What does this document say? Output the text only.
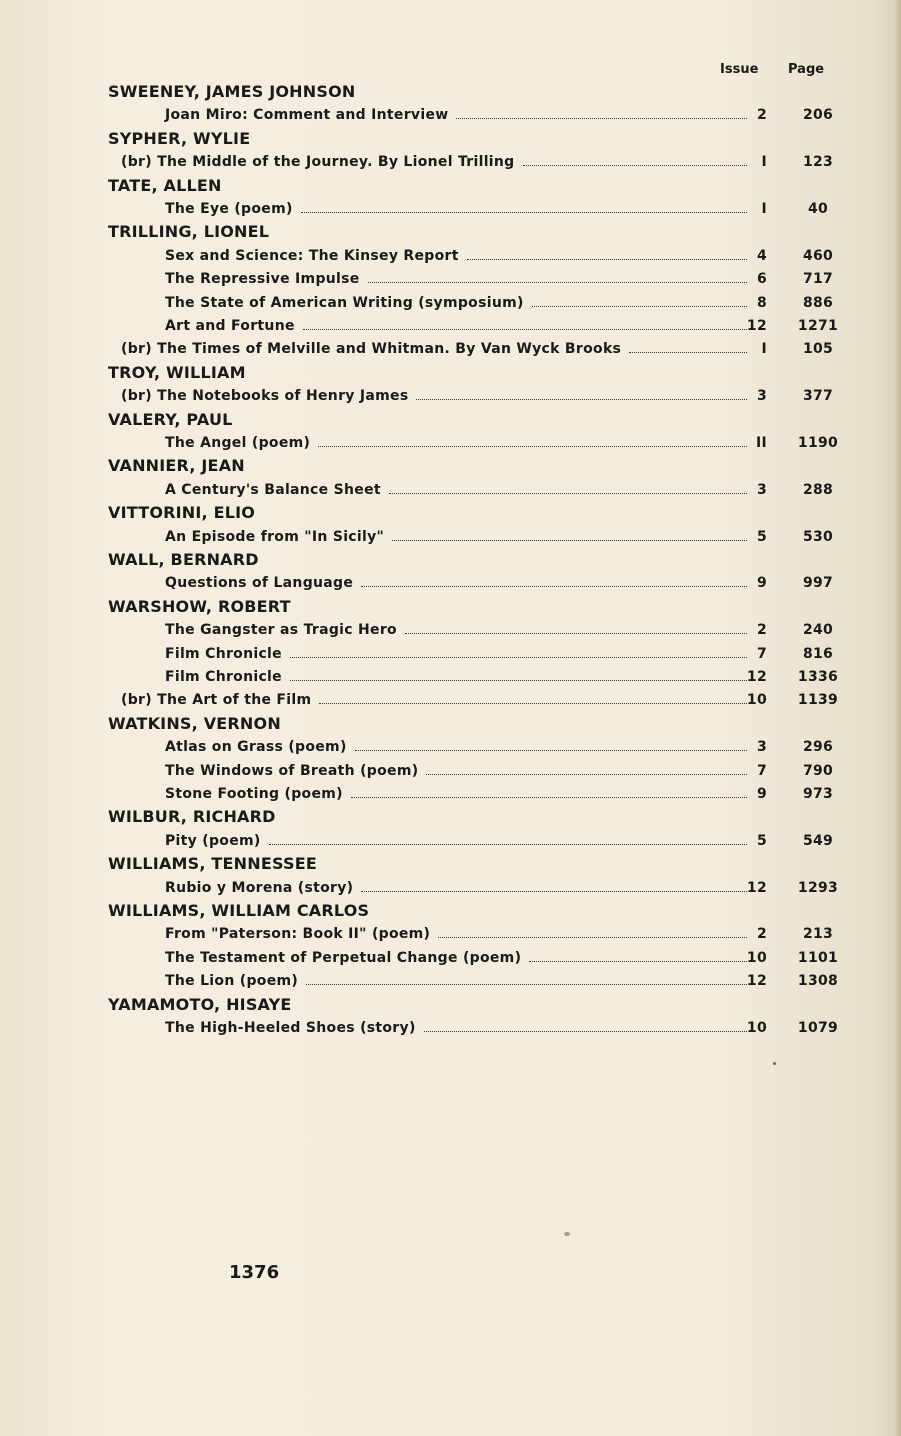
Issue Page
SWEENEY, JAMES JOHNSON
Joan Miro: Comment and Interview	2	206
SYPHER, WYLIE
(br) The Middle of the Journey. By Lionel Trilling	I	123
TATE, ALLEN
The Eye (poem)	I	40
TRILLING, LIONEL
Sex and Science: The Kinsey Report	4	460
The Repressive Impulse	6	717
The State of American Writing (symposium)	8	886
Art and Fortune	12	1271
(br) The Times of Melville and Whitman. By Van Wyck Brooks	I	105
TROY, WILLIAM
(br) The Notebooks of Henry James	3	377
VALERY, PAUL
The Angel (poem)	II	1190
VANNIER, JEAN
A Century's Balance Sheet	3	288
VITTORINI, ELIO
An Episode from "In Sicily"	5	530
WALL, BERNARD
Questions of Language	9	997
WARSHOW, ROBERT
The Gangster as Tragic Hero	2	240
Film Chronicle	7	816
Film Chronicle	12	1336
(br) The Art of the Film	10	1139
WATKINS, VERNON
Atlas on Grass (poem)	3	296
The Windows of Breath (poem)	7	790
Stone Footing (poem)	9	973
WILBUR, RICHARD
Pity (poem)	5	549
WILLIAMS, TENNESSEE
Rubio y Morena (story)	12	1293
WILLIAMS, WILLIAM CARLOS
From "Paterson: Book II" (poem)	2	213
The Testament of Perpetual Change (poem)	10	1101
The Lion (poem)	12	1308
YAMAMOTO, HISAYE
The High-Heeled Shoes (story)	10	1079
1376
